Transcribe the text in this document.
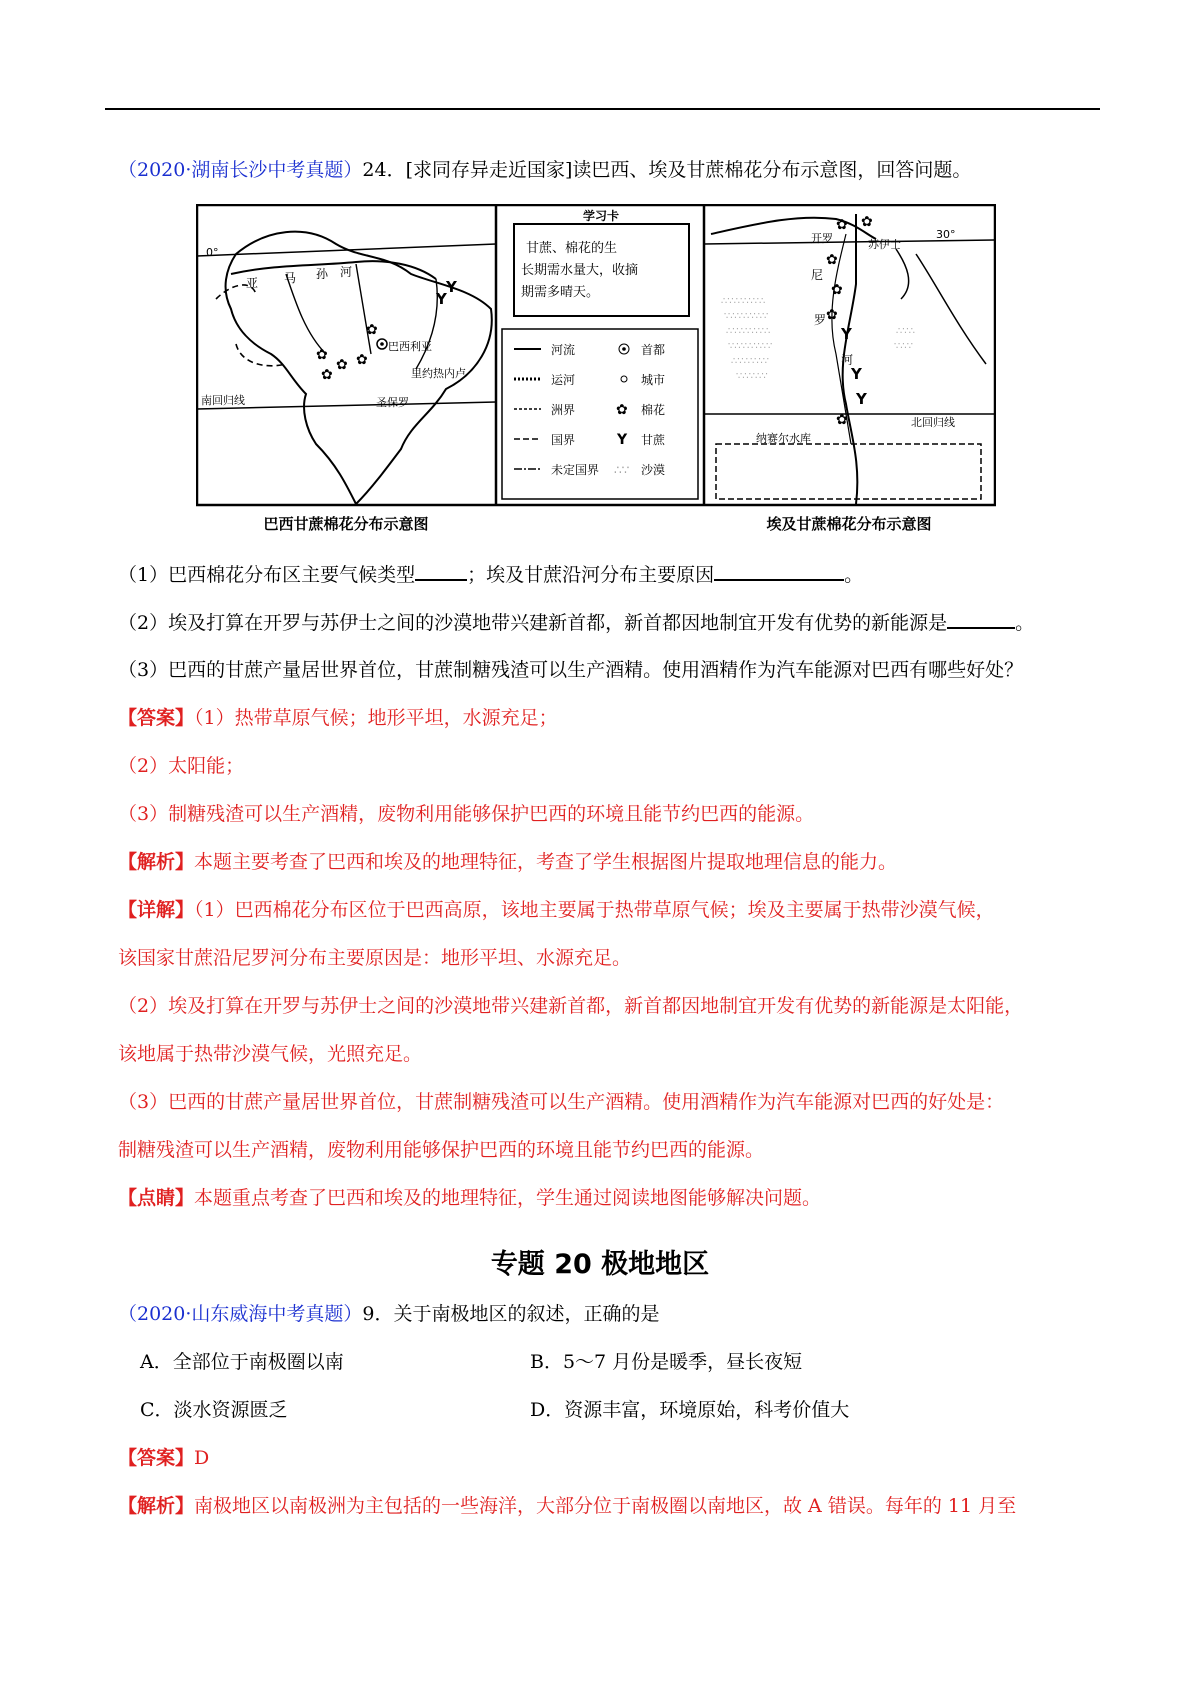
（2020·湖南长沙中考真题）24．[求同存异走近国家]读巴西、埃及甘蔗棉花分布示意图，回答问题。
0°
亚 马 孙 河
巴西利亚
里约热内卢
圣保罗
南回归线
✿
✿
✿
✿
✿
Y
Y
巴西甘蔗棉花分布示意图
学习卡
甘蔗、棉花的生
长期需水量大，收摘
期需多晴天。
河流
运河
洲界
国界
未定国界
首都
城市
✿ 棉花
Y 甘蔗
∴∵ 沙漠
∴∵∴∵∴∵∴
∵∴∵∴∵∴∵
∴∵∴∵∴∵∴
∵∴∵∴∵∴∵
∴∵∴∵∴∵
∵∴∵∴∵
∴∵∴
∵∴∵
开罗	苏伊士
30°
尼
罗
河
纳赛尔水库
北回归线
✿ ✿
✿
✿
✿
✿
Y
Y
Y
埃及甘蔗棉花分布示意图
（1）巴西棉花分布区主要气候类型	；埃及甘蔗沿河分布主要原因	。
（2）埃及打算在开罗与苏伊士之间的沙漠地带兴建新首都，新首都因地制宜开发有优势的新能源是	。
（3）巴西的甘蔗产量居世界首位，甘蔗制糖残渣可以生产酒精。使用酒精作为汽车能源对巴西有哪些好处？
【答案】（1）热带草原气候；地形平坦，水源充足；
（2）太阳能；
（3）制糖残渣可以生产酒精，废物利用能够保护巴西的环境且能节约巴西的能源。
【解析】本题主要考查了巴西和埃及的地理特征，考查了学生根据图片提取地理信息的能力。
【详解】（1）巴西棉花分布区位于巴西高原，该地主要属于热带草原气候；埃及主要属于热带沙漠气候，
该国家甘蔗沿尼罗河分布主要原因是：地形平坦、水源充足。
（2）埃及打算在开罗与苏伊士之间的沙漠地带兴建新首都，新首都因地制宜开发有优势的新能源是太阳能，
该地属于热带沙漠气候，光照充足。
（3）巴西的甘蔗产量居世界首位，甘蔗制糖残渣可以生产酒精。使用酒精作为汽车能源对巴西的好处是：
制糖残渣可以生产酒精，废物利用能够保护巴西的环境且能节约巴西的能源。
【点睛】本题重点考查了巴西和埃及的地理特征，学生通过阅读地图能够解决问题。
专题 20 极地地区
（2020·山东威海中考真题）9．关于南极地区的叙述，正确的是
A．全部位于南极圈以南	B．5～7 月份是暖季，昼长夜短
C．淡水资源匮乏	D．资源丰富，环境原始，科考价值大
【答案】D
【解析】南极地区以南极洲为主包括的一些海洋，大部分位于南极圈以南地区，故 A 错误。每年的 11 月至
